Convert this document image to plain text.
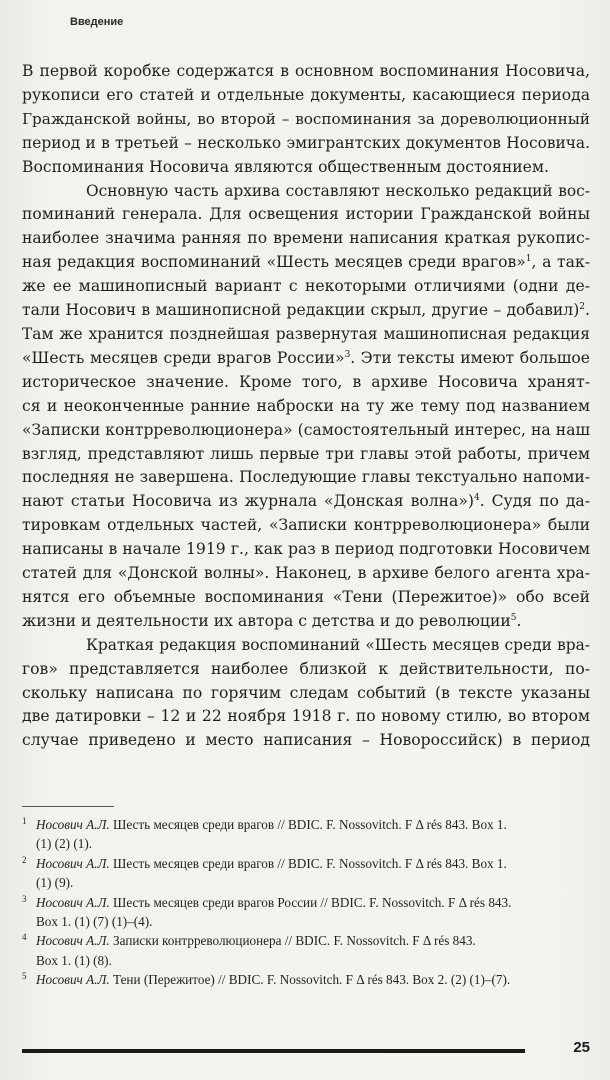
Введение
В первой коробке содержатся в основном воспоминания Носовича,
рукописи его статей и отдельные документы, касающиеся периода
Гражданской войны, во второй – воспоминания за дореволюционный
период и в третьей – несколько эмигрантских документов Носовича.
Воспоминания Носовича являются общественным достоянием.
Основную часть архива составляют несколько редакций вос-
поминаний генерала. Для освещения истории Гражданской войны
наиболее значима ранняя по времени написания краткая рукопис-
ная редакция воспоминаний «Шесть месяцев среди врагов»$^1$, а так-
же ее машинописный вариант с некоторыми отличиями (одни де-
тали Носович в машинописной редакции скрыл, другие – добавил)$^2$.
Там же хранится позднейшая развернутая машинописная редакция
«Шесть месяцев среди врагов России»$^3$. Эти тексты имеют большое
историческое значение. Кроме того, в архиве Носовича хранят-
ся и неоконченные ранние наброски на ту же тему под названием
«Записки контрреволюционера» (самостоятельный интерес, на наш
взгляд, представляют лишь первые три главы этой работы, причем
последняя не завершена. Последующие главы текстуально напоми-
нают статьи Носовича из журнала «Донская волна»)$^4$. Судя по да-
тировкам отдельных частей, «Записки контрреволюционера» были
написаны в начале 1919 г., как раз в период подготовки Носовичем
статей для «Донской волны». Наконец, в архиве белого агента хра-
нятся его объемные воспоминания «Тени (Пережитое)» обо всей
жизни и деятельности их автора с детства и до революции$^5$.
Краткая редакция воспоминаний «Шесть месяцев среди вра-
гов» представляется наиболее близкой к действительности, по-
скольку написана по горячим следам событий (в тексте указаны
две датировки – 12 и 22 ноября 1918 г. по новому стилю, во втором
случае приведено и место написания – Новороссийск) в период
1 Носович А.Л. Шесть месяцев среди врагов // BDIC. F. Nossovitch. F Δ rés 843. Box 1.
(1) (2) (1).
2 Носович А.Л. Шесть месяцев среди врагов // BDIC. F. Nossovitch. F Δ rés 843. Box 1.
(1) (9).
3 Носович А.Л. Шесть месяцев среди врагов России // BDIC. F. Nossovitch. F Δ rés 843.
Box 1. (1) (7) (1)–(4).
4 Носович А.Л. Записки контрреволюционера // BDIC. F. Nossovitch. F Δ rés 843.
Box 1. (1) (8).
5 Носович А.Л. Тени (Пережитое) // BDIC. F. Nossovitch. F Δ rés 843. Box 2. (2) (1)–(7).
25
